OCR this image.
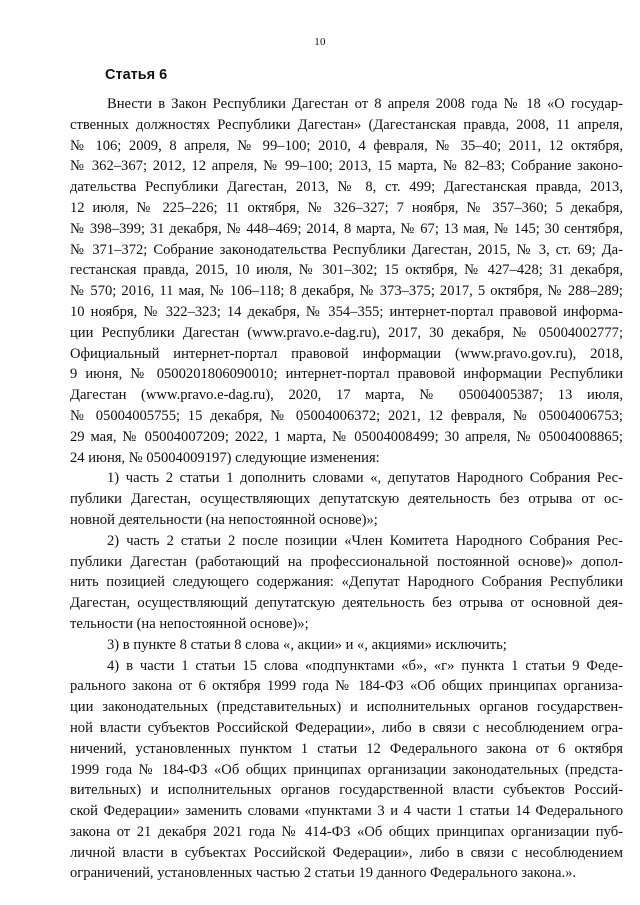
10
Статья 6
Внести в Закон Республики Дагестан от 8 апреля 2008 года № 18 «О государ-
ственных должностях Республики Дагестан» (Дагестанская правда, 2008, 11 апреля,
№ 106; 2009, 8 апреля, № 99–100; 2010, 4 февраля, № 35–40; 2011, 12 октября,
№ 362–367; 2012, 12 апреля, № 99–100; 2013, 15 марта, № 82–83; Собрание законо-
дательства Республики Дагестан, 2013, № 8, ст. 499; Дагестанская правда, 2013,
12 июля, № 225–226; 11 октября, № 326–327; 7 ноября, № 357–360; 5 декабря,
№ 398–399; 31 декабря, № 448–469; 2014, 8 марта, № 67; 13 мая, № 145; 30 сентября,
№ 371–372; Собрание законодательства Республики Дагестан, 2015, № 3, ст. 69; Да-
гестанская правда, 2015, 10 июля, № 301–302; 15 октября, № 427–428; 31 декабря,
№ 570; 2016, 11 мая, № 106–118; 8 декабря, № 373–375; 2017, 5 октября, № 288–289;
10 ноября, № 322–323; 14 декабря, № 354–355; интернет-портал правовой информа-
ции Республики Дагестан (www.pravo.e-dag.ru), 2017, 30 декабря, № 05004002777;
Официальный интернет-портал правовой информации (www.pravo.gov.ru), 2018,
9 июня, № 0500201806090010; интернет-портал правовой информации Республики
Дагестан (www.pravo.e-dag.ru), 2020, 17 марта, № 05004005387; 13 июля,
№ 05004005755; 15 декабря, № 05004006372; 2021, 12 февраля, № 05004006753;
29 мая, № 05004007209; 2022, 1 марта, № 05004008499; 30 апреля, № 05004008865;
24 июня, № 05004009197) следующие изменения:
1) часть 2 статьи 1 дополнить словами «, депутатов Народного Собрания Рес-
публики Дагестан, осуществляющих депутатскую деятельность без отрыва от ос-
новной деятельности (на непостоянной основе)»;
2) часть 2 статьи 2 после позиции «Член Комитета Народного Собрания Рес-
публики Дагестан (работающий на профессиональной постоянной основе)» допол-
нить позицией следующего содержания: «Депутат Народного Собрания Республики
Дагестан, осуществляющий депутатскую деятельность без отрыва от основной дея-
тельности (на непостоянной основе)»;
3) в пункте 8 статьи 8 слова «, акции» и «, акциями» исключить;
4) в части 1 статьи 15 слова «подпунктами «б», «г» пункта 1 статьи 9 Феде-
рального закона от 6 октября 1999 года № 184-ФЗ «Об общих принципах организа-
ции законодательных (представительных) и исполнительных органов государствен-
ной власти субъектов Российской Федерации», либо в связи с несоблюдением огра-
ничений, установленных пунктом 1 статьи 12 Федерального закона от 6 октября
1999 года № 184-ФЗ «Об общих принципах организации законодательных (предста-
вительных) и исполнительных органов государственной власти субъектов Россий-
ской Федерации» заменить словами «пунктами 3 и 4 части 1 статьи 14 Федерального
закона от 21 декабря 2021 года № 414-ФЗ «Об общих принципах организации пуб-
личной власти в субъектах Российской Федерации», либо в связи с несоблюдением
ограничений, установленных частью 2 статьи 19 данного Федерального закона.».
